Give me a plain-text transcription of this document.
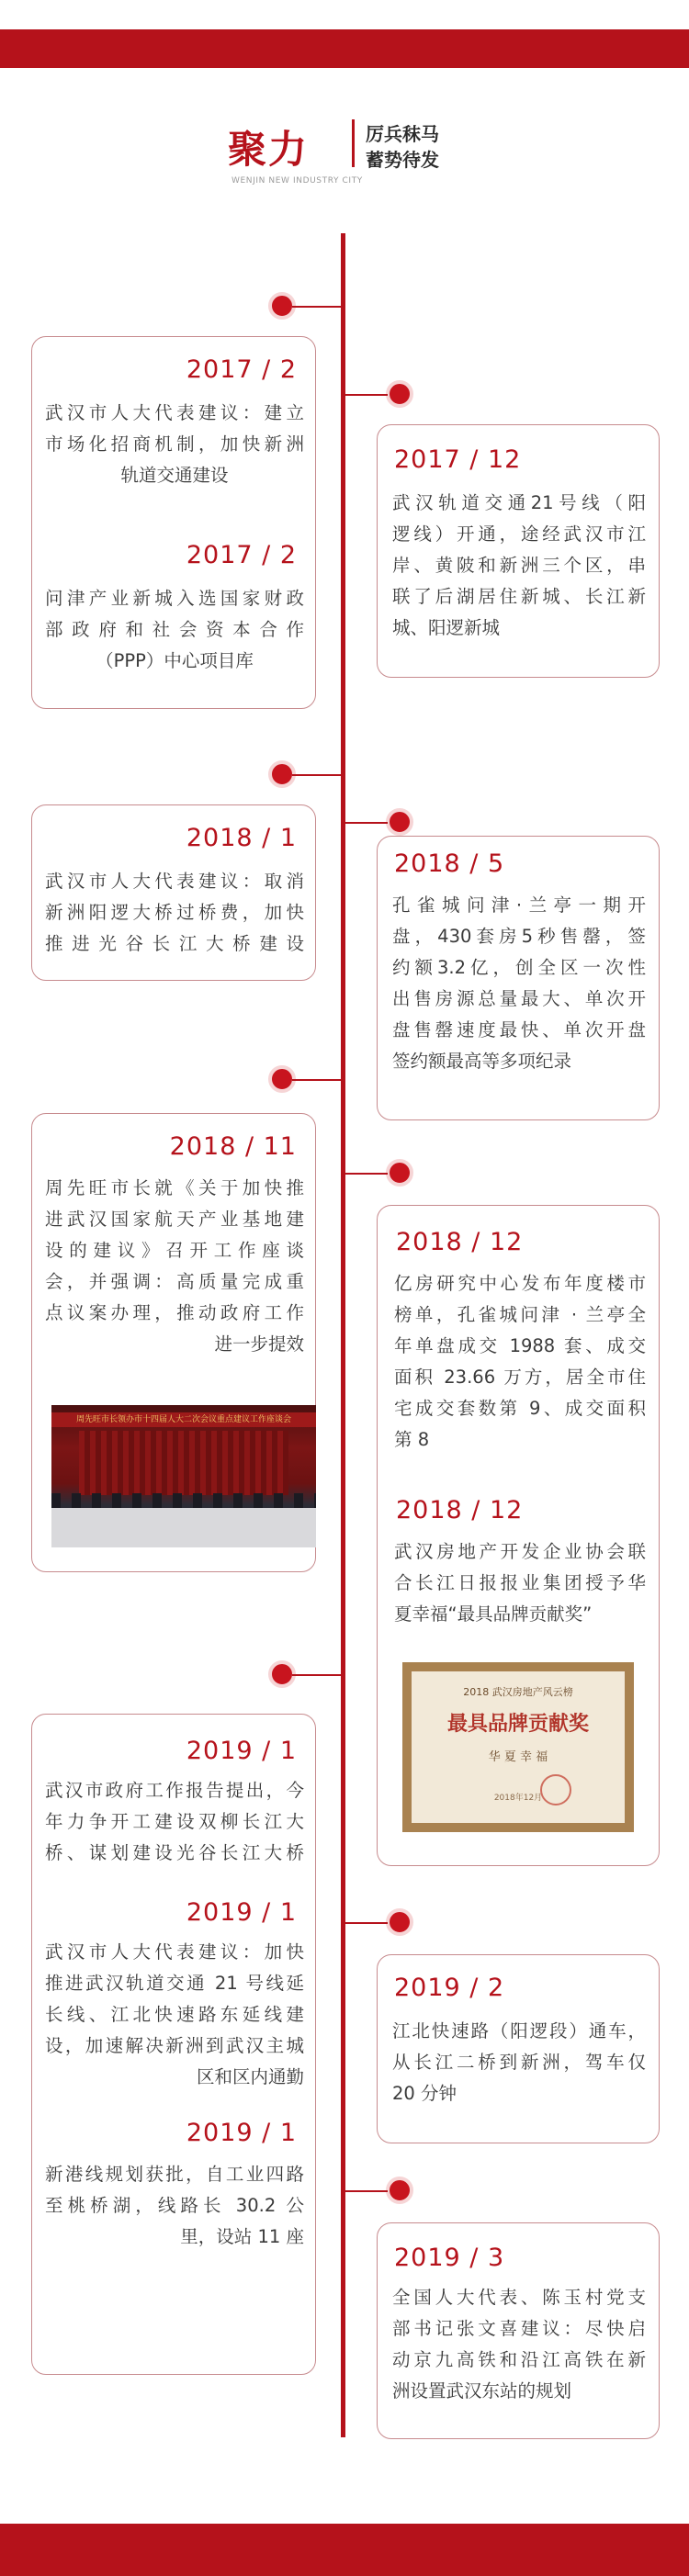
聚力	厉兵秣马
蓄势待发
WENJIN NEW INDUSTRY CITY
2017 / 2
武汉市人大代表建议：建立
市场化招商机制，加快新洲
轨道交通建设
2017 / 2
问津产业新城入选国家财政
部政府和社会资本合作
（PPP）中心项目库
2017 / 12
武汉轨道交通21号线（阳
逻线）开通，途经武汉市江
岸、黄陂和新洲三个区，串
联了后湖居住新城、长江新
城、阳逻新城
2018 / 1
武汉市人大代表建议：取消
新洲阳逻大桥过桥费，加快
推进光谷长江大桥建设
2018 / 5
孔雀城问津·兰亭一期开
盘，430套房5秒售罄，签
约额3.2亿，创全区一次性
出售房源总量最大、单次开
盘售罄速度最快、单次开盘
签约额最高等多项纪录
2018 / 11
周先旺市长就《关于加快推
进武汉国家航天产业基地建
设的建议》召开工作座谈
会，并强调：高质量完成重
点议案办理，推动政府工作
进一步提效
周先旺市长领办市十四届人大二次会议重点建议工作座谈会
2018 / 12
亿房研究中心发布年度楼市
榜单，孔雀城问津 · 兰亭全
年单盘成交 1988 套、成交
面积 23.66 万方，居全市住
宅成交套数第 9、成交面积
第 8
2018 / 12
武汉房地产开发企业协会联
合长江日报报业集团授予华
夏幸福“最具品牌贡献奖”
2018 武汉房地产风云榜
最具品牌贡献奖
华 夏 幸 福
2018年12月
2019 / 1
武汉市政府工作报告提出，今
年力争开工建设双柳长江大
桥、谋划建设光谷长江大桥
2019 / 1
武汉市人大代表建议：加快
推进武汉轨道交通 21 号线延
长线、江北快速路东延线建
设，加速解决新洲到武汉主城
区和区内通勤
2019 / 1
新港线规划获批，自工业四路
至桃桥湖，线路长 30.2 公
里，设站 11 座
2019 / 2
江北快速路（阳逻段）通车，
从长江二桥到新洲，驾车仅
20 分钟
2019 / 3
全国人大代表、陈玉村党支
部书记张文喜建议：尽快启
动京九高铁和沿江高铁在新
洲设置武汉东站的规划
